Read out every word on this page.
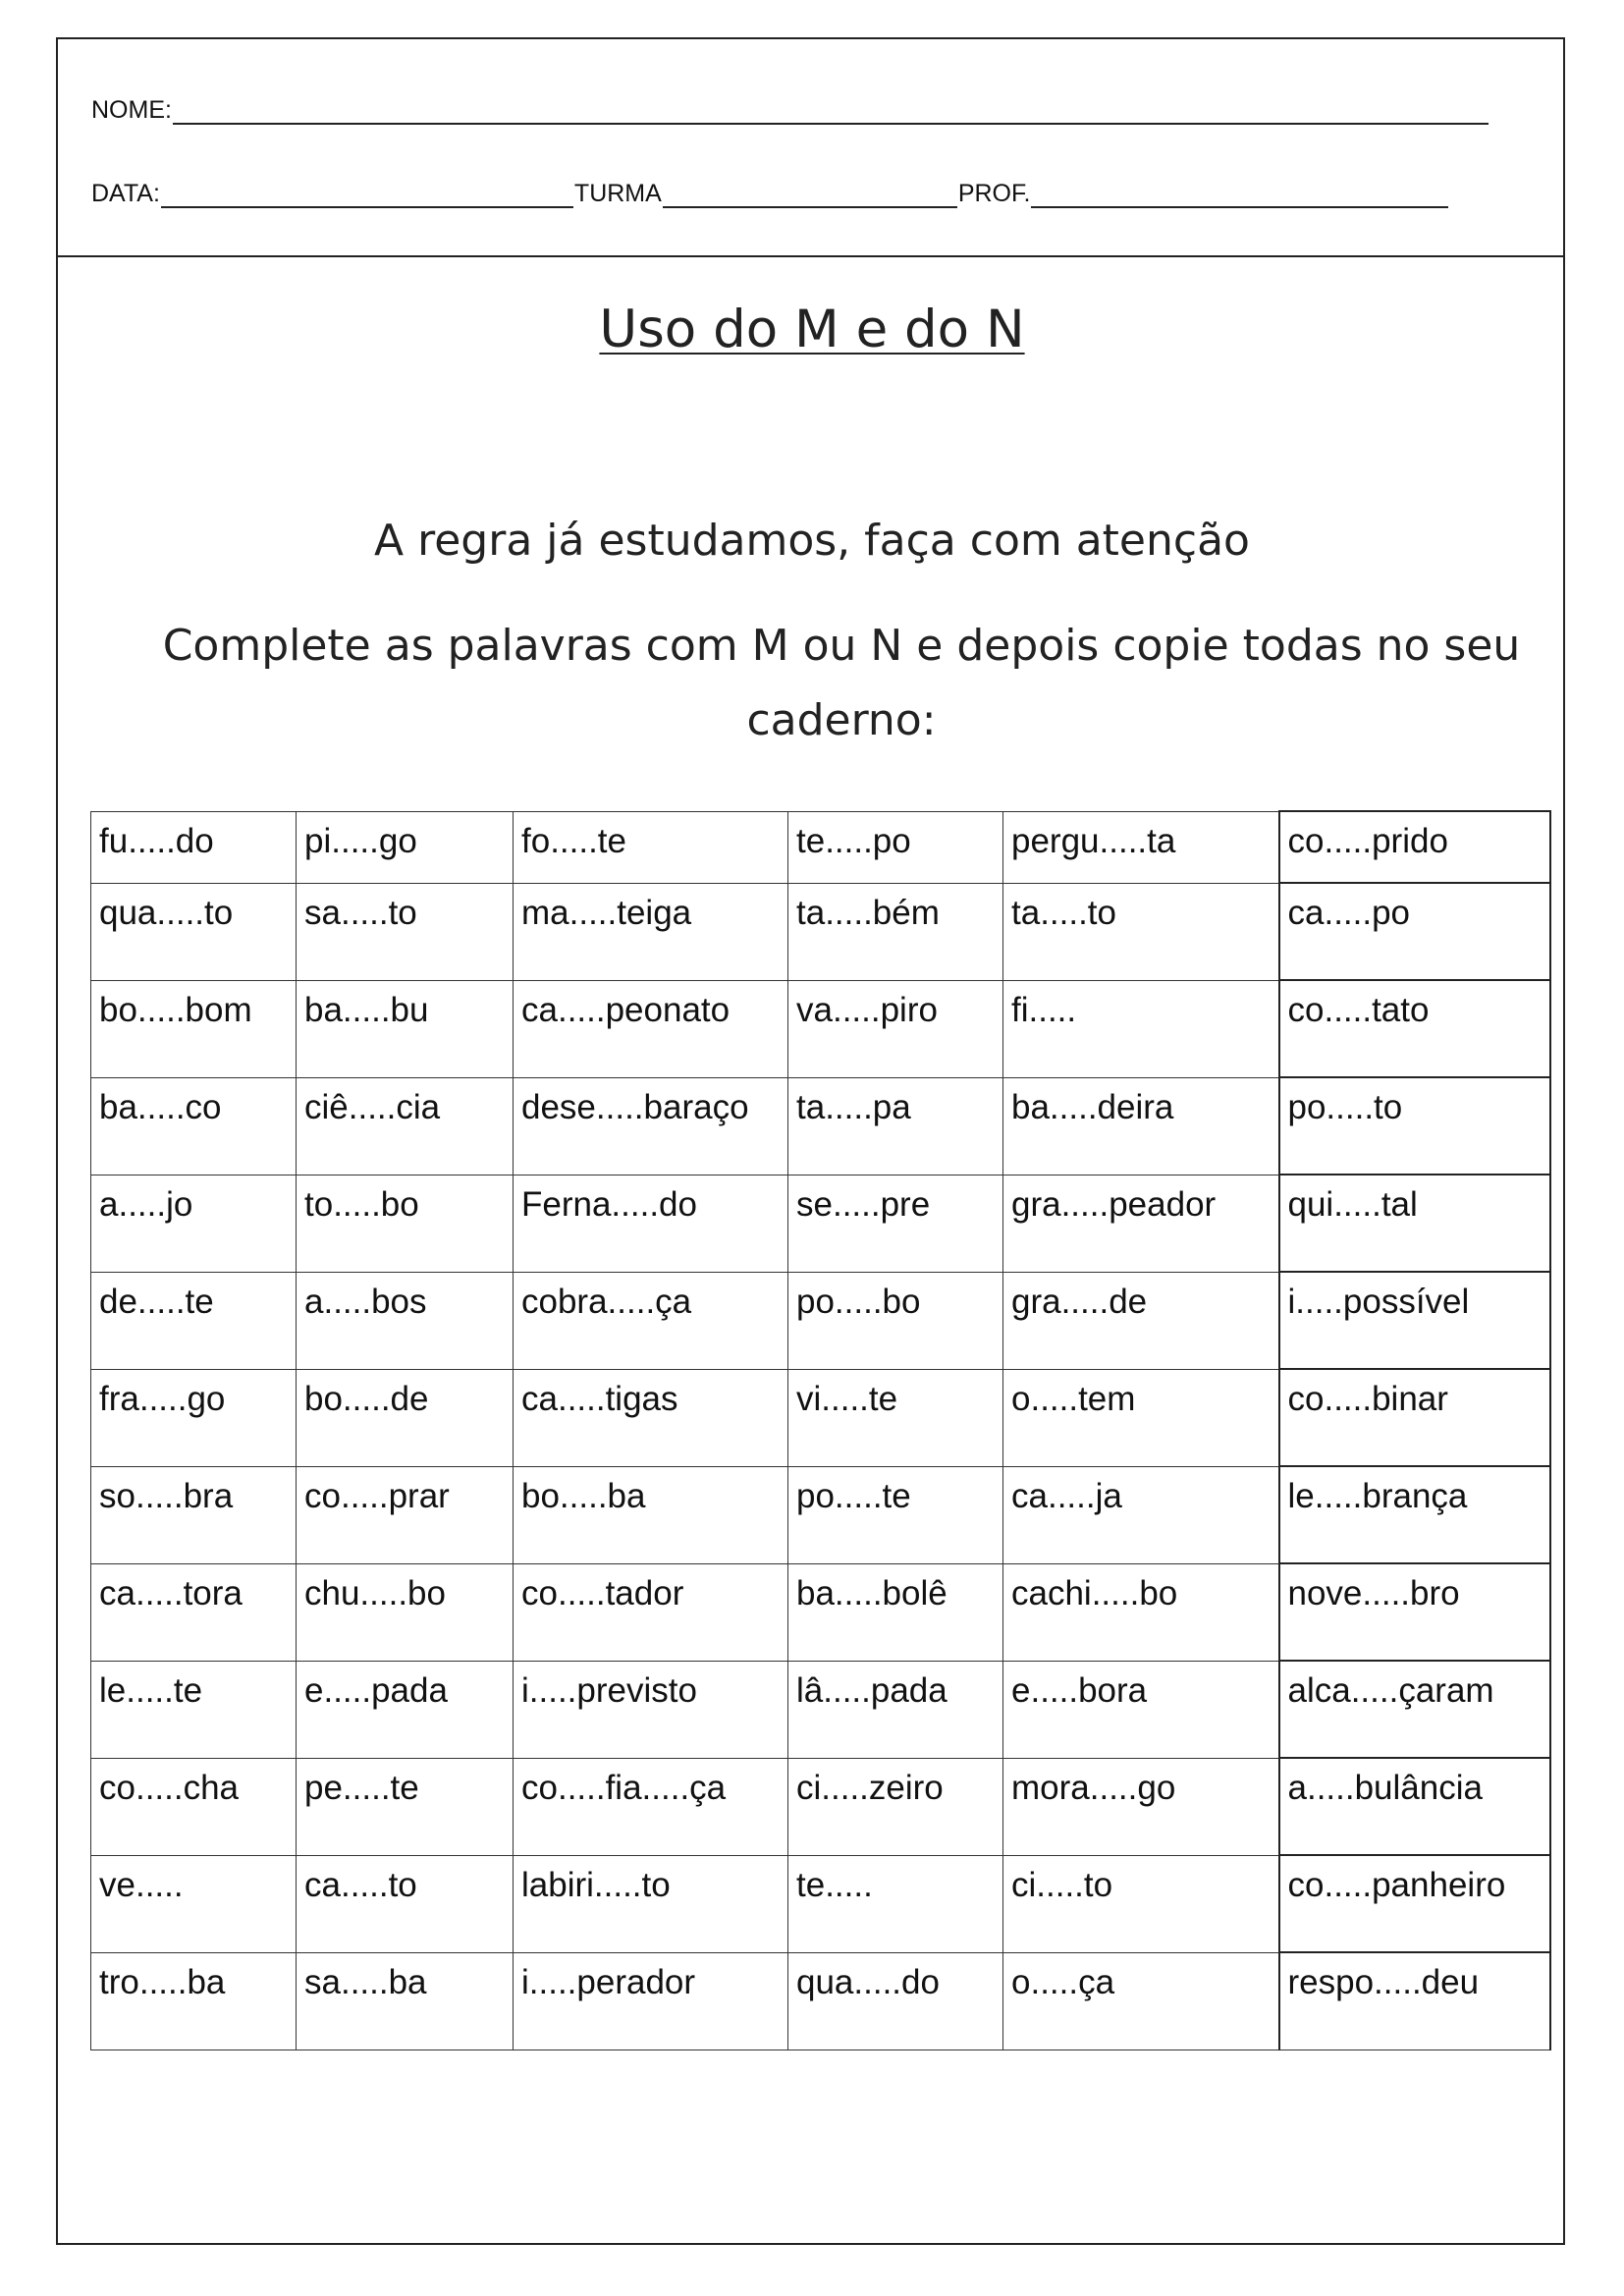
NOME:
DATA:	TURMA	PROF.
Uso do M e do N
A regra já estudamos, faça com atenção
Complete as palavras com M ou N e depois copie todas no seu caderno:
fu.....do	pi.....go	fo.....te	te.....po	pergu.....ta	co.....prido
qua.....to	sa.....to	ma.....teiga	ta.....bém	ta.....to	ca.....po
bo.....bom	ba.....bu	ca.....peonato	va.....piro	fi.....	co.....tato
ba.....co	ciê.....cia	dese.....baraço	ta.....pa	ba.....deira	po.....to
a.....jo	to.....bo	Ferna.....do	se.....pre	gra.....peador	qui.....tal
de.....te	a.....bos	cobra.....ça	po.....bo	gra.....de	i.....possível
fra.....go	bo.....de	ca.....tigas	vi.....te	o.....tem	co.....binar
so.....bra	co.....prar	bo.....ba	po.....te	ca.....ja	le.....brança
ca.....tora	chu.....bo	co.....tador	ba.....bolê	cachi.....bo	nove.....bro
le.....te	e.....pada	i.....previsto	lâ.....pada	e.....bora	alca.....çaram
co.....cha	pe.....te	co.....fia.....ça	ci.....zeiro	mora.....go	a.....bulância
ve.....	ca.....to	labiri.....to	te.....	ci.....to	co.....panheiro
tro.....ba	sa.....ba	i.....perador	qua.....do	o.....ça	respo.....deu
